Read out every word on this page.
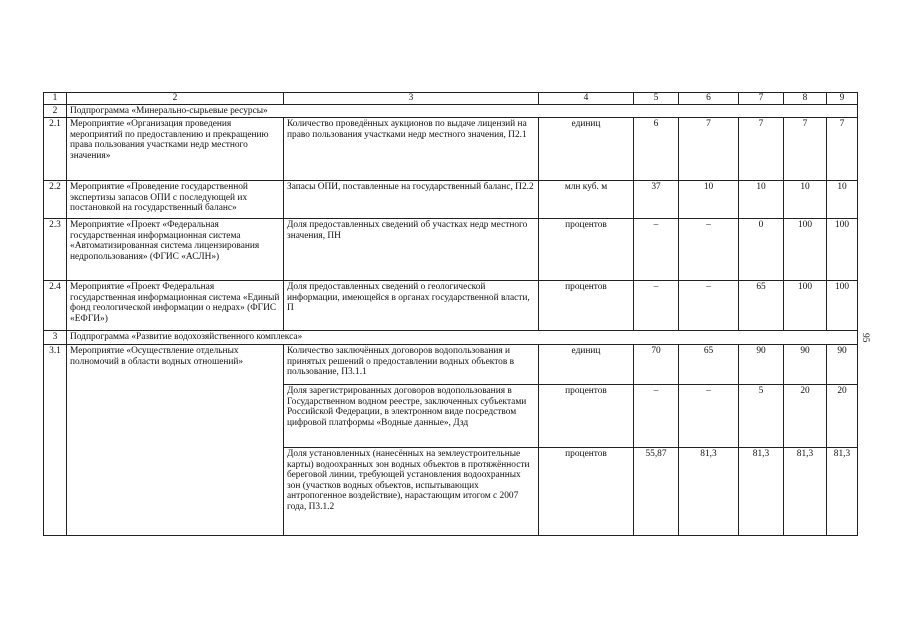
1	2	3	4	5	6	7	8	9
2	Подпрограмма «Минерально-сырьевые ресурсы»							
2.1	Мероприятие «Организация проведения мероприятий по предоставлению и прекращению права пользования участками недр местного значения»	Количество проведённых аукционов по выдаче лицензий на право пользования участками недр местного значения, П2.1	единиц	6	7	7	7	7
2.2	Мероприятие «Проведение государственной экспертизы запасов ОПИ с последующей их постановкой на государственный баланс»	Запасы ОПИ, поставленные на государственный баланс, П2.2	млн куб. м	37	10	10	10	10
2.3	Мероприятие «Проект «Федеральная государственная информационная система «Автоматизированная система лицензирования недропользования» (ФГИС «АСЛН»)	Доля предоставленных сведений об участках недр местного значения, ПН	процентов	–	–	0	100	100
2.4	Мероприятие «Проект Федеральная государственная информационная система «Единый фонд геологической информации о недрах» (ФГИС «ЕФГИ»)	Доля предоставленных сведений о геологической информации, имеющейся в органах государственной власти, П	процентов	–	–	65	100	100
3	Подпрограмма «Развитие водохозяйственного комплекса»							
3.1	Мероприятие «Осуществление отдельных полномочий в области водных отношений»	Количество заключённых договоров водопользования и принятых решений о предоставлении водных объектов в пользование, П3.1.1	единиц	70	65	90	90	90
		Доля зарегистрированных договоров водопользования в Государственном водном реестре, заключенных субъектами Российской Федерации, в электронном виде посредством цифровой платформы «Водные данные», Дзд	процентов	–	–	5	20	20
		Доля установленных (нанесённых на землеустроительные карты) водоохранных зон водных объектов в протяжённости береговой линии, требующей установления водоохранных зон (участков водных объектов, испытывающих антропогенное воздействие), нарастающим итогом с 2007 года, П3.1.2	процентов	55,87	81,3	81,3	81,3	81,3
95
